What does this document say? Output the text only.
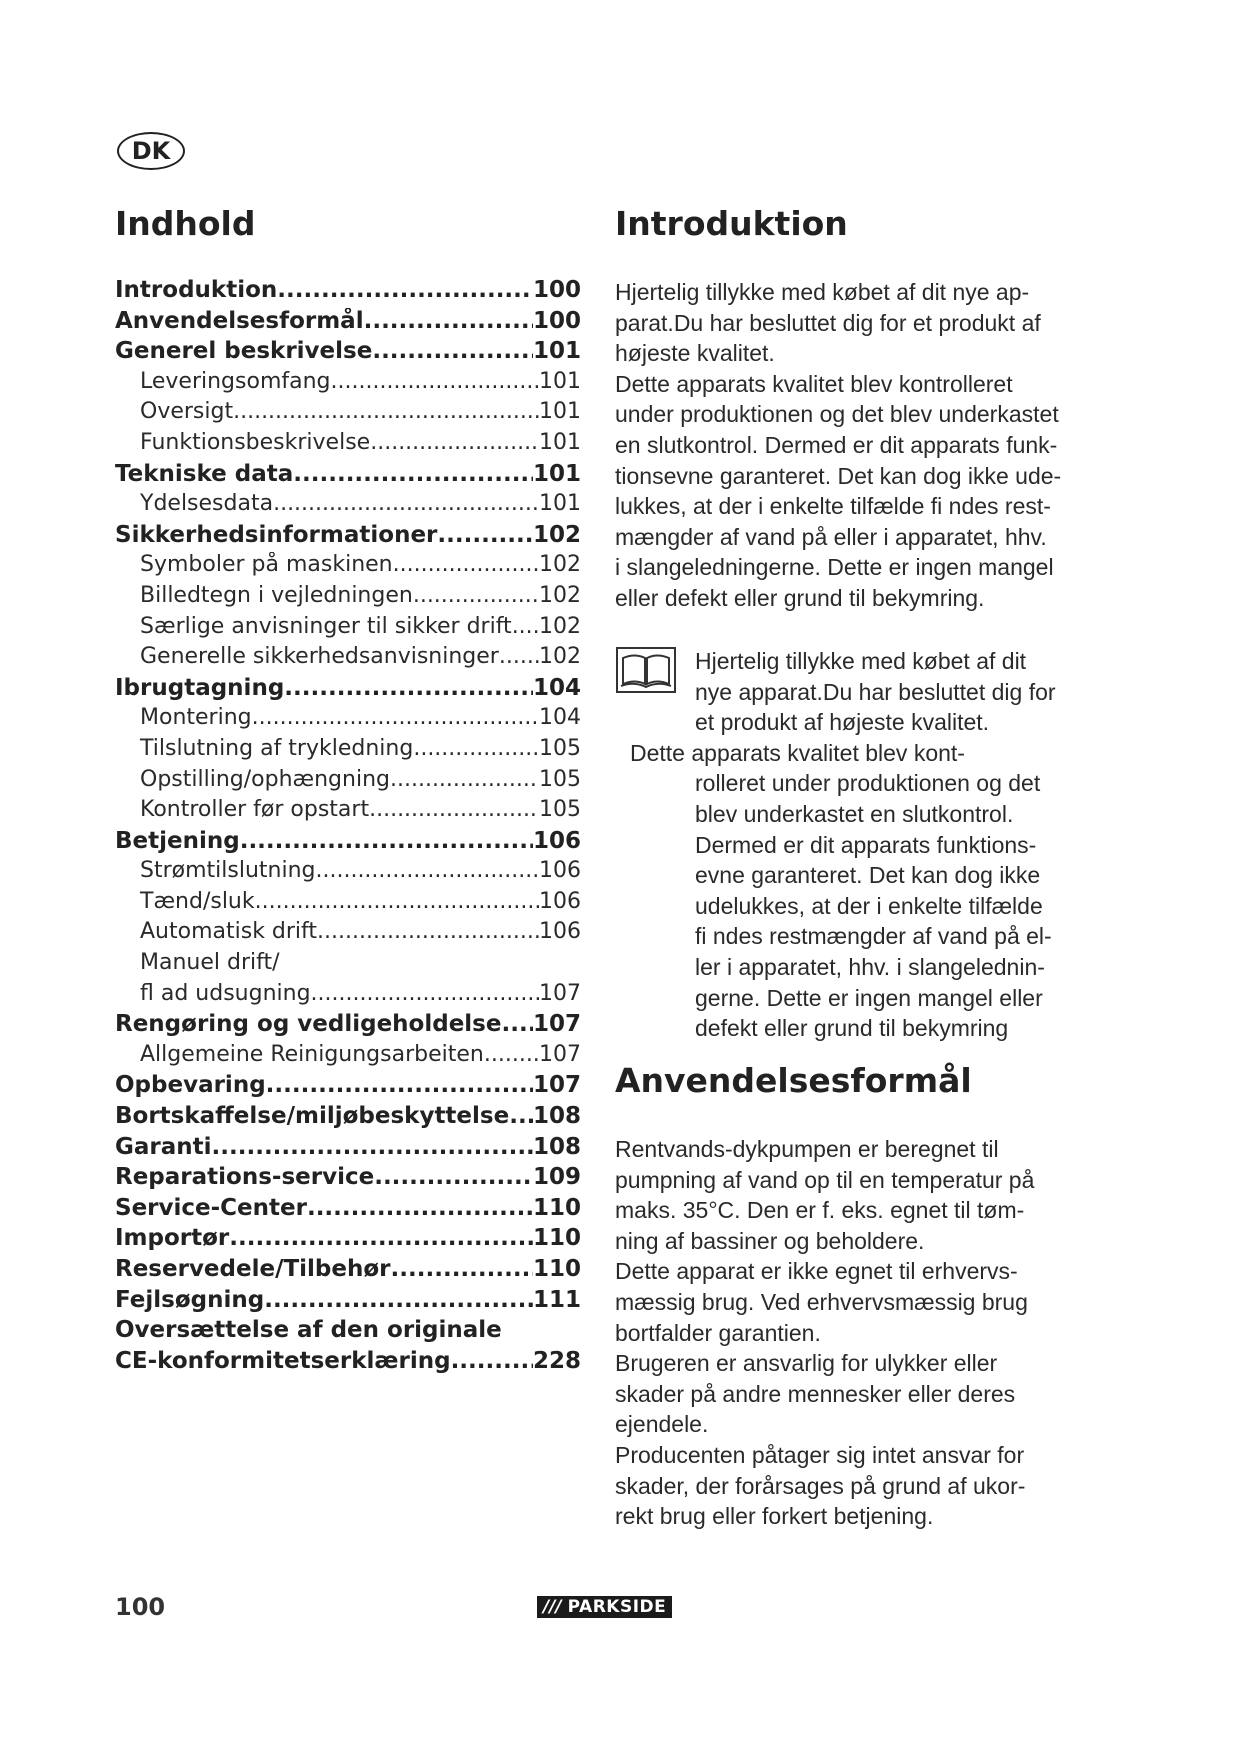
DK
Indhold
Introduktion .....	100
Anvendelsesformål .....	100
Generel beskrivelse .....	101
Leveringsomfang .....	101
Oversigt .....	101
Funktionsbeskrivelse .....	101
Tekniske data .....	101
Ydelsesdata .....	101
Sikkerhedsinformationer .....	102
Symboler på maskinen .....	102
Billedtegn i vejledningen .....	102
Særlige anvisninger til sikker drift ..... 102
Generelle sikkerhedsanvisninger ..... 102
Ibrugtagning .....	104
Montering .....	104
Tilslutning af trykledning .....	105
Opstilling/ophængning .....	105
Kontroller før opstart .....	105
Betjening .....	106
Strømtilslutning .....	106
Tænd/sluk .....	106
Automatisk drift .....	106
Manuel drift/
fl ad udsugning .....	107
Rengøring og vedligeholdelse ..... 107
Allgemeine Reinigungsarbeiten .....	107
Opbevaring .....	107
Bortskaffelse/miljøbeskyttelse ..... 108
Garanti .....	108
Reparations-service .....	109
Service-Center .....	110
Importør .....	110
Reservedele/Tilbehør .....	110
Fejlsøgning .....	111
Oversættelse af den originale
CE-konformitetserklæring .....	228
Introduktion
Hjertelig tillykke med købet af dit nye ap-
parat.Du har besluttet dig for et produkt af
højeste kvalitet.
Dette apparats kvalitet blev kontrolleret
under produktionen og det blev underkastet
en slutkontrol. Dermed er dit apparats funk-
tionsevne garanteret. Det kan dog ikke ude-
lukkes, at der i enkelte tilfælde fi ndes rest-
mængder af vand på eller i apparatet, hhv.
i slangeledningerne. Dette er ingen mangel
eller defekt eller grund til bekymring.
Hjertelig tillykke med købet af dit
nye apparat.Du har besluttet dig for
et produkt af højeste kvalitet.
Dette apparats kvalitet blev kont-
rolleret under produktionen og det
blev underkastet en slutkontrol.
Dermed er dit apparats funktions-
evne garanteret. Det kan dog ikke
udelukkes, at der i enkelte tilfælde
fi ndes restmængder af vand på el-
ler i apparatet, hhv. i slangelednin-
gerne. Dette er ingen mangel eller
defekt eller grund til bekymring
Anvendelsesformål
Rentvands-dykpumpen er beregnet til
pumpning af vand op til en temperatur på
maks. 35°C. Den er f. eks. egnet til tøm-
ning af bassiner og beholdere.
Dette apparat er ikke egnet til erhvervs-
mæssig brug. Ved erhvervsmæssig brug
bortfalder garantien.
Brugeren er ansvarlig for ulykker eller
skader på andre mennesker eller deres
ejendele.
Producenten påtager sig intet ansvar for
skader, der forårsages på grund af ukor-
rekt brug eller forkert betjening.
100	/// PARKSIDE
